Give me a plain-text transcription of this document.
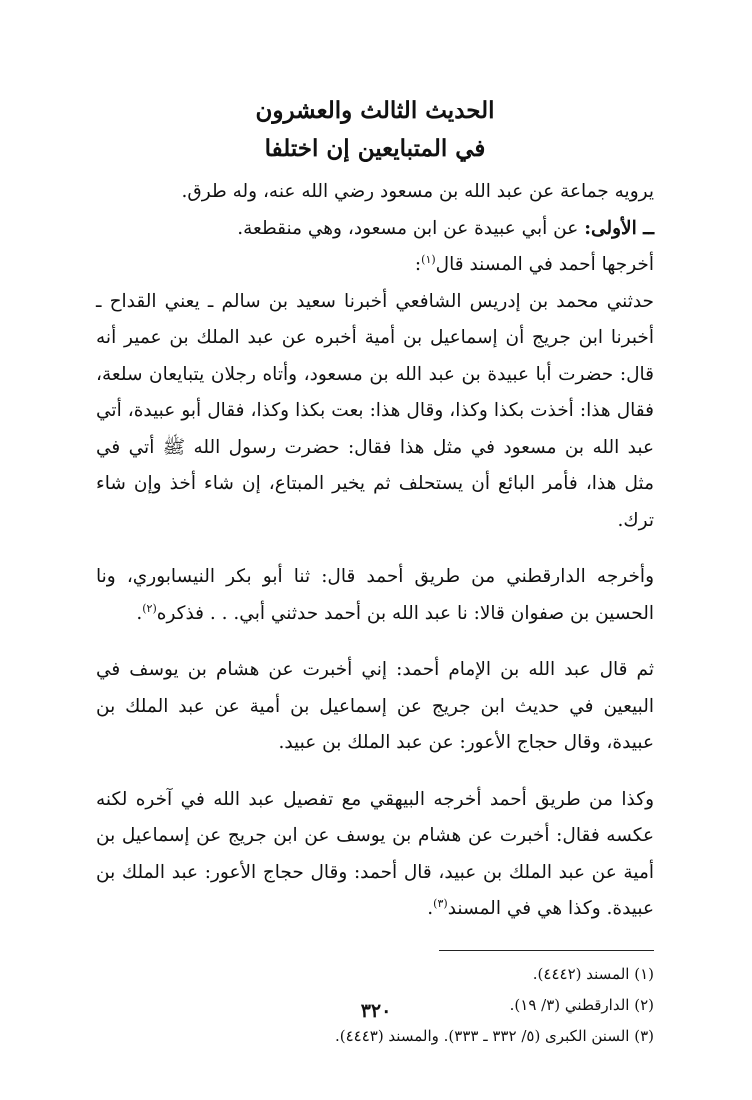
الحديث الثالث والعشرون
في المتبايعين إن اختلفا
يرويه جماعة عن عبد الله بن مسعود رضي الله عنه، وله طرق.
ــ الأولى: عن أبي عبيدة عن ابن مسعود، وهي منقطعة.
أخرجها أحمد في المسند قال$^{(١)}$:
حدثني محمد بن إدريس الشافعي أخبرنا سعيد بن سالم ـ يعني القداح ـ أخبرنا ابن جريج أن إسماعيل بن أمية أخبره عن عبد الملك بن عمير أنه قال: حضرت أبا عبيدة بن عبد الله بن مسعود، وأتاه رجلان يتبايعان سلعة، فقال هذا: أخذت بكذا وكذا، وقال هذا: بعت بكذا وكذا، فقال أبو عبيدة، أتي عبد الله بن مسعود في مثل هذا فقال: حضرت رسول الله ﷺ أتي في مثل هذا، فأمر البائع أن يستحلف ثم يخير المبتاع، إن شاء أخذ وإن شاء ترك.
وأخرجه الدارقطني من طريق أحمد قال: ثنا أبو بكر النيسابوري، ونا الحسين بن صفوان قالا: نا عبد الله بن أحمد حدثني أبي. . . فذكره$^{(٢)}$.
ثم قال عبد الله بن الإمام أحمد: إني أخبرت عن هشام بن يوسف في البيعين في حديث ابن جريج عن إسماعيل بن أمية عن عبد الملك بن عبيدة، وقال حجاج الأعور: عن عبد الملك بن عبيد.
وكذا من طريق أحمد أخرجه البيهقي مع تفصيل عبد الله في آخره لكنه عكسه فقال: أخبرت عن هشام بن يوسف عن ابن جريج عن إسماعيل بن أمية عن عبد الملك بن عبيد، قال أحمد: وقال حجاج الأعور: عبد الملك بن عبيدة. وكذا هي في المسند$^{(٣)}$.
(١) المسند (٤٤٤٢).
(٢) الدارقطني (٣/ ١٩).
(٣) السنن الكبرى (٥/ ٣٣٢ ـ ٣٣٣). والمسند (٤٤٤٣).
٣٢٠
